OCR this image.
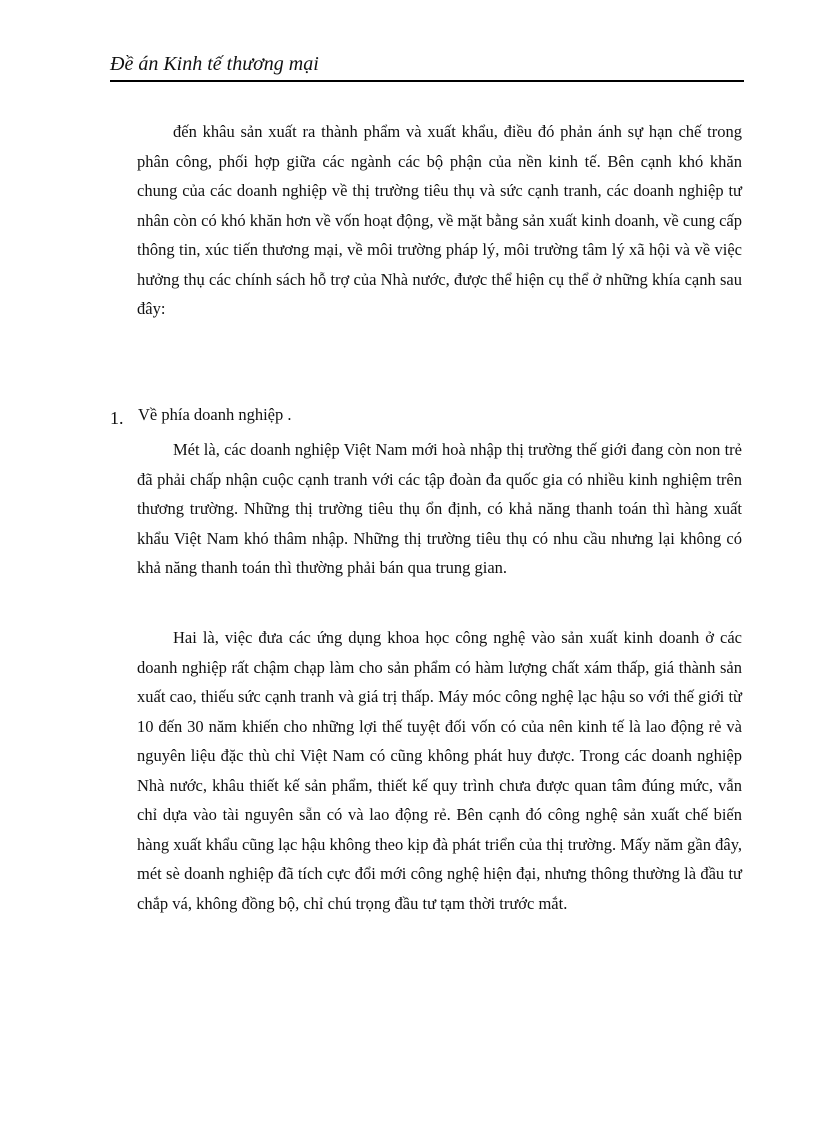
Đề án Kinh tế thương mại

đến khâu sản xuất ra thành phẩm và xuất khẩu, điều đó phản ánh sự hạn chế trong phân công, phối hợp giữa các ngành các bộ phận của nền kinh tế. Bên cạnh khó khăn chung của các doanh nghiệp về thị trường tiêu thụ và sức cạnh tranh, các doanh nghiệp tư nhân còn có khó khăn hơn về vốn hoạt động, về mặt bằng sản xuất kinh doanh, về cung cấp thông tin, xúc tiến thương mại, về môi trường pháp lý, môi trường tâm lý xã hội và về việc hưởng thụ các chính sách hỗ trợ của Nhà nước, được thể hiện cụ thể ở những khía cạnh sau đây:

1. Về phía doanh nghiệp .

Mét là, các doanh nghiệp Việt Nam mới hoà nhập thị trường thế giới đang còn non trẻ đã phải chấp nhận cuộc cạnh tranh với các tập đoàn đa quốc gia có nhiều kinh nghiệm trên thương trường. Những thị trường tiêu thụ ổn định, có khả năng thanh toán thì hàng xuất khẩu Việt Nam khó thâm nhập. Những thị trường tiêu thụ có nhu cầu nhưng lại không có khả năng thanh toán thì thường phải bán qua trung gian.

Hai là, việc đưa các ứng dụng khoa học công nghệ vào sản xuất kinh doanh ở các doanh nghiệp rất chậm chạp làm cho sản phẩm có hàm lượng chất xám thấp, giá thành sản xuất cao, thiếu sức cạnh tranh và giá trị thấp. Máy móc công nghệ lạc hậu so với thế giới từ 10 đến 30 năm khiến cho những lợi thế tuyệt đối vốn có của nên kinh tế là lao động rẻ và nguyên liệu đặc thù chỉ Việt Nam có cũng không phát huy được. Trong các doanh nghiệp Nhà nước, khâu thiết kế sản phẩm, thiết kế quy trình chưa được quan tâm đúng mức, vẫn chỉ dựa vào tài nguyên sẵn có và lao động rẻ. Bên cạnh đó công nghệ sản xuất chế biến hàng xuất khẩu cũng lạc hậu không theo kịp đà phát triển của thị trường. Mấy năm gần đây, mét sè doanh nghiệp đã tích cực đổi mới công nghệ hiện đại, nhưng thông thường là đầu tư chắp vá, không đồng bộ, chỉ chú trọng đầu tư tạm thời trước mắt.
